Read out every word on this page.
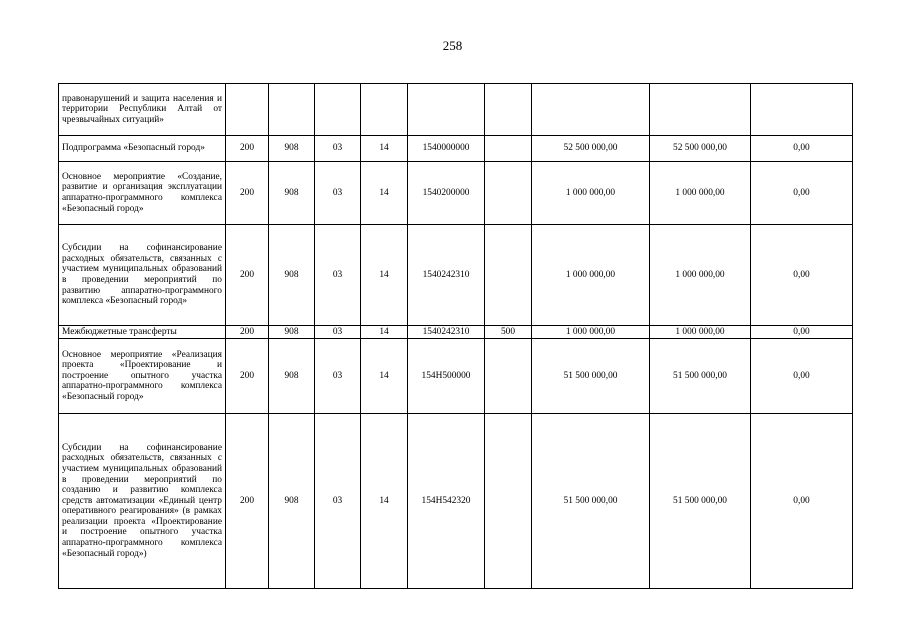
258
правонарушений и защита населения и территории Республики Алтай от чрезвычайных ситуаций»									
Подпрограмма «Безопасный город»	200	908	03	14	1540000000		52 500 000,00	52 500 000,00	0,00
Основное мероприятие «Создание, развитие и организация эксплуатации аппаратно-программного комплекса «Безопасный город»	200	908	03	14	1540200000		1 000 000,00	1 000 000,00	0,00
Субсидии на софинансирование расходных обязательств, связанных с участием муниципальных образований в проведении мероприятий по развитию аппаратно-программного комплекса «Безопасный город»	200	908	03	14	1540242310		1 000 000,00	1 000 000,00	0,00
Межбюджетные трансферты	200	908	03	14	1540242310	500	1 000 000,00	1 000 000,00	0,00
Основное мероприятие «Реализация проекта «Проектирование и построение опытного участка аппаратно-программного комплекса «Безопасный город»	200	908	03	14	154Н500000		51 500 000,00	51 500 000,00	0,00
Субсидии на софинансирование расходных обязательств, связанных с участием муниципальных образований в проведении мероприятий по созданию и развитию комплекса средств автоматизации «Единый центр оперативного реагирования» (в рамках реализации проекта «Проектирование и построение опытного участка аппаратно-программного комплекса «Безопасный город»)	200	908	03	14	154Н542320		51 500 000,00	51 500 000,00	0,00
